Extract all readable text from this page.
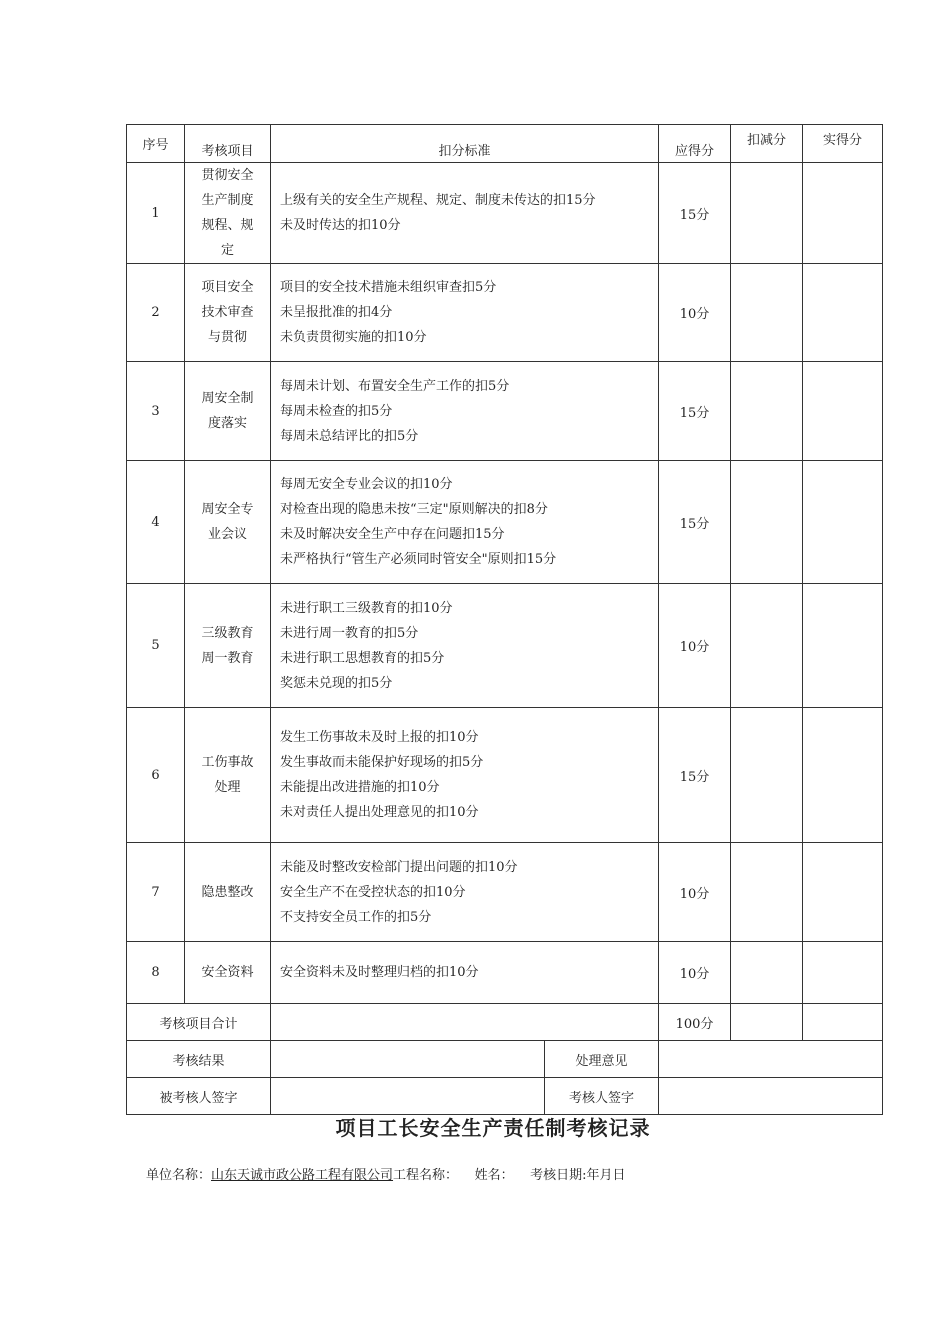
序号	考核项目	扣分标准		应得分	扣减分	实得分
1	贯彻安全生产制度规程、规定	上级有关的安全生产规程、规定、制度未传达的扣15分
未及时传达的扣10分		15分		
2	项目安全技术审查与贯彻	项目的安全技术措施未组织审查扣5分
未呈报批准的扣4分
未负责贯彻实施的扣10分		10分		
3	周安全制度落实	每周未计划、布置安全生产工作的扣5分
每周未检查的扣5分
每周未总结评比的扣5分		15分		
4	周安全专业会议	每周无安全专业会议的扣10分
对检查出现的隐患未按“三定"原则解决的扣8分
未及时解决安全生产中存在问题扣15分
未严格执行“管生产必须同时管安全"原则扣15分		15分		
5	三级教育周一教育	未进行职工三级教育的扣10分
未进行周一教育的扣5分
未进行职工思想教育的扣5分
奖惩未兑现的扣5分		10分		
6	工伤事故处理	发生工伤事故未及时上报的扣10分
发生事故而未能保护好现场的扣5分
未能提出改进措施的扣10分
未对责任人提出处理意见的扣10分		15分		
7	隐患整改	未能及时整改安检部门提出问题的扣10分
安全生产不在受控状态的扣10分
不支持安全员工作的扣5分		10分		
8	安全资料	安全资料未及时整理归档的扣10分		10分		
考核项目合计				100分		
考核结果			处理意见			
被考核人签字			考核人签字			
项目工长安全生产责任制考核记录
单位名称：山东天诚市政公路工程有限公司工程名称： 姓名： 考核日期:年月日
